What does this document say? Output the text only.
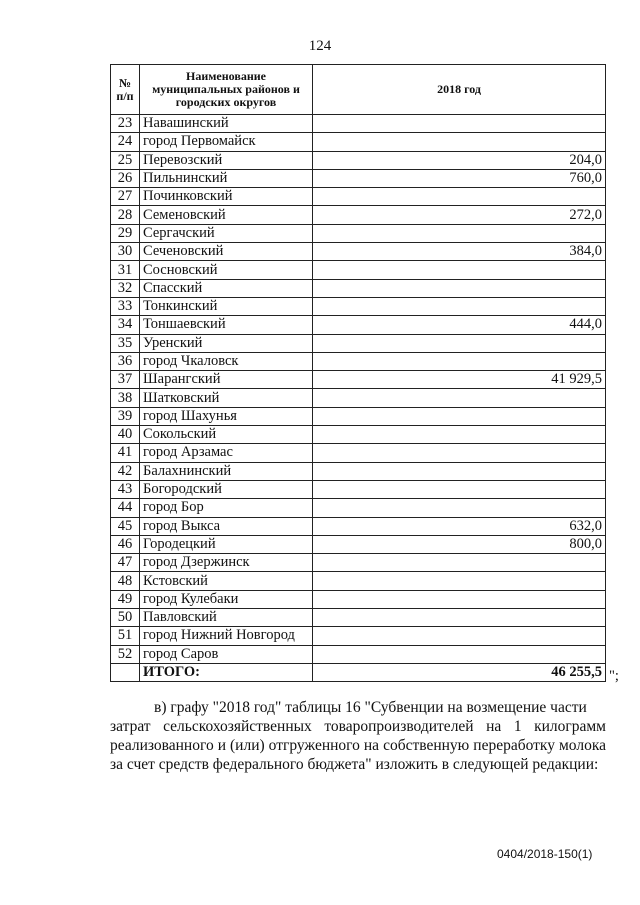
124
№ п/п	Наименование муниципальных районов и городских округов	2018 год
23	Навашинский	
24	город Первомайск	
25	Перевозский	204,0
26	Пильнинский	760,0
27	Починковский	
28	Семеновский	272,0
29	Сергачский	
30	Сеченовский	384,0
31	Сосновский	
32	Спасский	
33	Тонкинский	
34	Тоншаевский	444,0
35	Уренский	
36	город Чкаловск	
37	Шарангский	41 929,5
38	Шатковский	
39	город Шахунья	
40	Сокольский	
41	город Арзамас	
42	Балахнинский	
43	Богородский	
44	город Бор	
45	город Выкса	632,0
46	Городецкий	800,0
47	город Дзержинск	
48	Кстовский	
49	город Кулебаки	
50	Павловский	
51	город Нижний Новгород	
52	город Саров	
	ИТОГО:	46 255,5 ";

в) графу "2018 год" таблицы 16 "Субвенции на возмещение части
затрат сельскохозяйственных товаропроизводителей на 1 килограмм реализованного и (или) отгруженного на собственную переработку молока за счет средств федерального бюджета" изложить в следующей редакции:

0404/2018-150(1)
